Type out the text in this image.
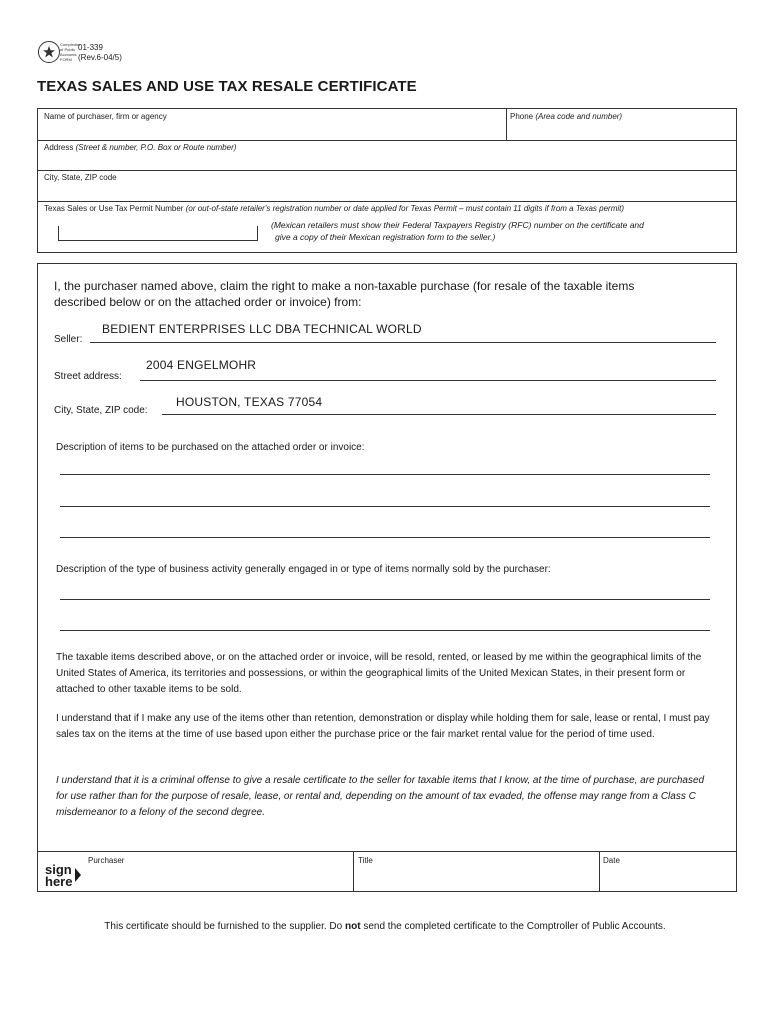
Comptroller of Public Accounts FORM
01-339
(Rev.6-04/5)
TEXAS SALES AND USE TAX RESALE CERTIFICATE
Name of purchaser, firm or agency	Phone (Area code and number)
Address (Street & number, P.O. Box or Route number)
City, State, ZIP code
Texas Sales or Use Tax Permit Number (or out-of-state retailer's registration number or date applied for Texas Permit – must contain 11 digits if from a Texas permit)
(Mexican retailers must show their Federal Taxpayers Registry (RFC) number on the certificate and
give a copy of their Mexican registration form to the seller.)
I, the purchaser named above, claim the right to make a non-taxable purchase (for resale of the taxable items
described below or on the attached order or invoice) from:
Seller:
BEDIENT ENTERPRISES LLC DBA TECHNICAL WORLD
Street address:
2004 ENGELMOHR
City, State, ZIP code:
HOUSTON, TEXAS 77054
Description of items to be purchased on the attached order or invoice:
Description of the type of business activity generally engaged in or type of items normally sold by the purchaser:
The taxable items described above, or on the attached order or invoice, will be resold, rented, or leased by me within the geographical limits of the United States of America, its territories and possessions, or within the geographical limits of the United Mexican States, in their present form or attached to other taxable items to be sold.
I understand that if I make any use of the items other than retention, demonstration or display while holding them for sale, lease or rental, I must pay sales tax on the items at the time of use based upon either the purchase price or the fair market rental value for the period of time used.
I understand that it is a criminal offense to give a resale certificate to the seller for taxable items that I know, at the time of purchase, are purchased for use rather than for the purpose of resale, lease, or rental and, depending on the amount of tax evaded, the offense may range from a Class C misdemeanor to a felony of the second degree.
sign
here
Purchaser	Title	Date
This certificate should be furnished to the supplier. Do not send the completed certificate to the Comptroller of Public Accounts.
